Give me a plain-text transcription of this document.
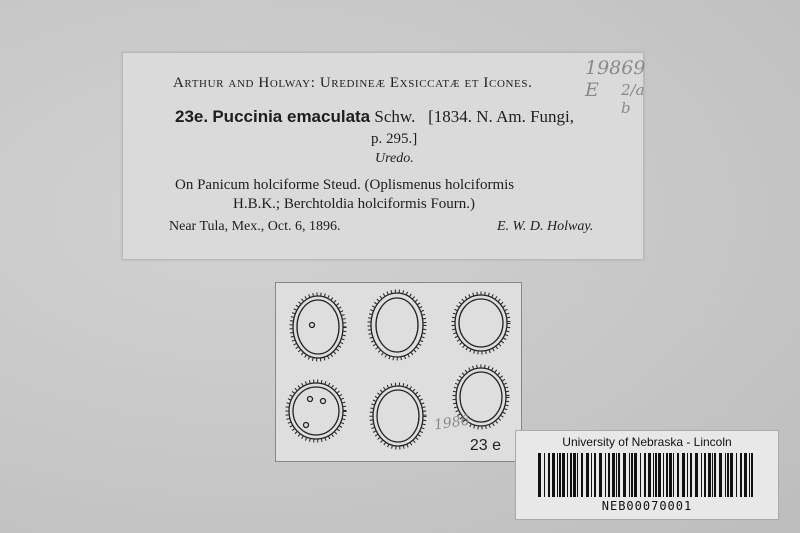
19869 E	2/a b
Arthur and Holway: Uredineæ Exsiccatæ et Icones.
23e. Puccinia emaculata Schw. [1834. N. Am. Fungi,
p. 295.]
Uredo.
On Panicum holciforme Steud. (Oplismenus holciformis
H.B.K.; Berchtoldia holciformis Fourn.)
Near Tula, Mex., Oct. 6, 1896.	E. W. D. Holway.
1986
23 e	University of Nebraska - Lincoln
NEB00070001
